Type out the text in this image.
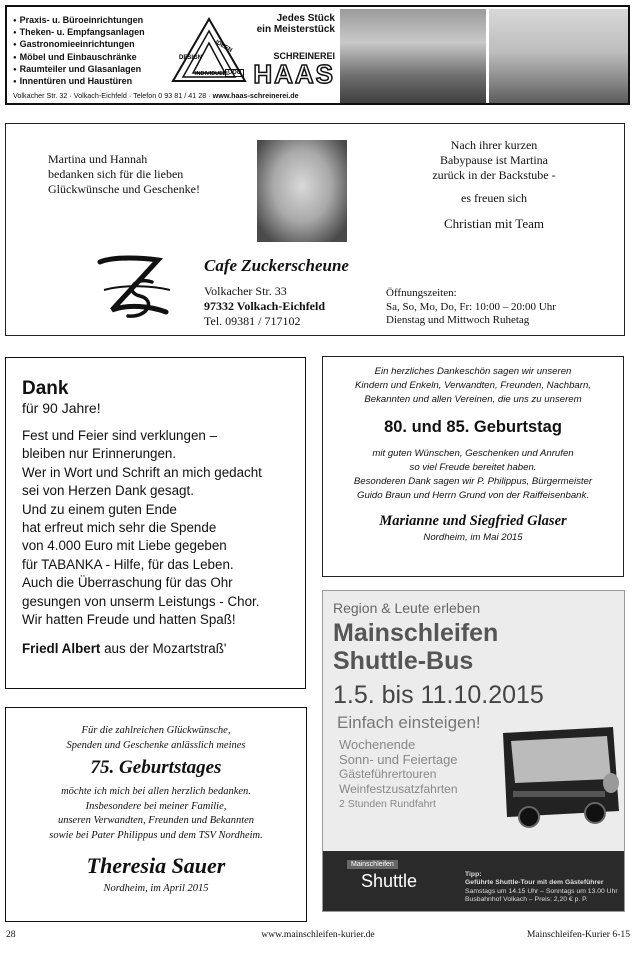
● Praxis- u. Büroeinrichtungen
● Theken- u. Empfangsanlagen
● Gastronomieeinrichtungen
● Möbel und Einbauschränke
● Raumteiler und Glasanlagen
● Innentüren und Haustüren
Volkacher Str. 32 · Volkach-Eichfeld · Telefon 0 93 81 / 41 28 · www.haas-schreinerei.de
IDEEN
DESIGN
INDIVIDUELL
UDO
Jedes Stück
ein Meisterstück
SCHREINEREI
HAAS
Martina und Hannah
bedanken sich für die lieben
Glückwünsche und Geschenke!
Nach ihrer kurzen
Babypause ist Martina
zurück in der Backstube -
es freuen sich
Christian mit Team
Cafe Zuckerscheune
Volkacher Str. 33
97332 Volkach-Eichfeld
Tel. 09381 / 717102
Öffnungszeiten:
Sa, So, Mo, Do, Fr: 10:00 – 20:00 Uhr
Dienstag und Mittwoch Ruhetag
Dank
für 90 Jahre!
Fest und Feier sind verklungen –
bleiben nur Erinnerungen.
Wer in Wort und Schrift an mich gedacht
sei von Herzen Dank gesagt.
Und zu einem guten Ende
hat erfreut mich sehr die Spende
von 4.000 Euro mit Liebe gegeben
für TABANKA - Hilfe, für das Leben.
Auch die Überraschung für das Ohr
gesungen von unserm Leistungs - Chor.
Wir hatten Freude und hatten Spaß!
Friedl Albert aus der Mozartstraß'
Ein herzliches Dankeschön sagen wir unseren
Kindern und Enkeln, Verwandten, Freunden, Nachbarn,
Bekannten und allen Vereinen, die uns zu unserem
80. und 85. Geburtstag
mit guten Wünschen, Geschenken und Anrufen
so viel Freude bereitet haben.
Besonderen Dank sagen wir P. Philippus, Bürgermeister
Guido Braun und Herrn Grund von der Raiffeisenbank.
Marianne und Siegfried Glaser
Nordheim, im Mai 2015
Region & Leute erleben
Mainschleifen
Shuttle-Bus
1.5. bis 11.10.2015
Einfach einsteigen!
Wochenende
Sonn- und Feiertage
Gästeführertouren
Weinfestzusatzfahrten
2 Stunden Rundfahrt
Mainschleifen
Shuttle	Tipp:
Geführte Shuttle-Tour mit dem Gästeführer
Samstags um 14.15 Uhr – Sonntags um 13.00 Uhr
Busbahnhof Volkach – Preis: 2,20 € p. P.
Für die zahlreichen Glückwünsche,
Spenden und Geschenke anlässlich meines
75. Geburtstages
möchte ich mich bei allen herzlich bedanken.
Insbesondere bei meiner Familie,
unseren Verwandten, Freunden und Bekannten
sowie bei Pater Philippus und dem TSV Nordheim.
Theresia Sauer
Nordheim, im April 2015
28	www.mainschleifen-kurier.de	Mainschleifen-Kurier 6-15
